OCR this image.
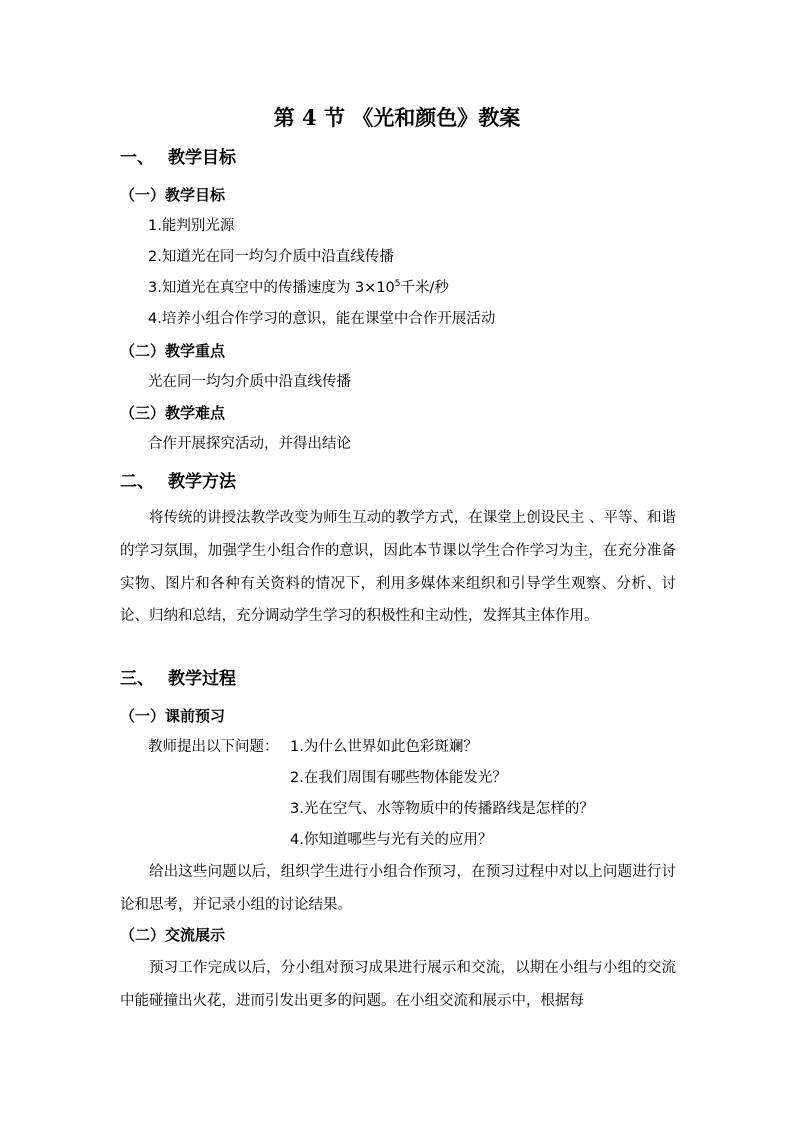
第 4 节 《光和颜色》教案
一、 教学目标
（一）教学目标
1.能判别光源
2.知道光在同一均匀介质中沿直线传播
3.知道光在真空中的传播速度为 $3\times 10^5$千米/秒
4.培养小组合作学习的意识，能在课堂中合作开展活动
（二）教学重点
光在同一均匀介质中沿直线传播
（三）教学难点
合作开展探究活动，并得出结论
二、 教学方法
将传统的讲授法教学改变为师生互动的教学方式，在课堂上创设民主 、平等、和谐的学习氛围，加强学生小组合作的意识，因此本节课以学生合作学习为主，在充分准备实物、图片和各种有关资料的情况下，利用多媒体来组织和引导学生观察、分析、讨论、归纳和总结，充分调动学生学习的积极性和主动性，发挥其主体作用。
三、 教学过程
（一）课前预习
教师提出以下问题： 1.为什么世界如此色彩斑斓？
2.在我们周围有哪些物体能发光？
3.光在空气、水等物质中的传播路线是怎样的？
4.你知道哪些与光有关的应用？
给出这些问题以后，组织学生进行小组合作预习，在预习过程中对以上问题进行讨论和思考，并记录小组的讨论结果。
（二）交流展示
预习工作完成以后，分小组对预习成果进行展示和交流，以期在小组与小组的交流中能碰撞出火花，进而引发出更多的问题。在小组交流和展示中，根据每
